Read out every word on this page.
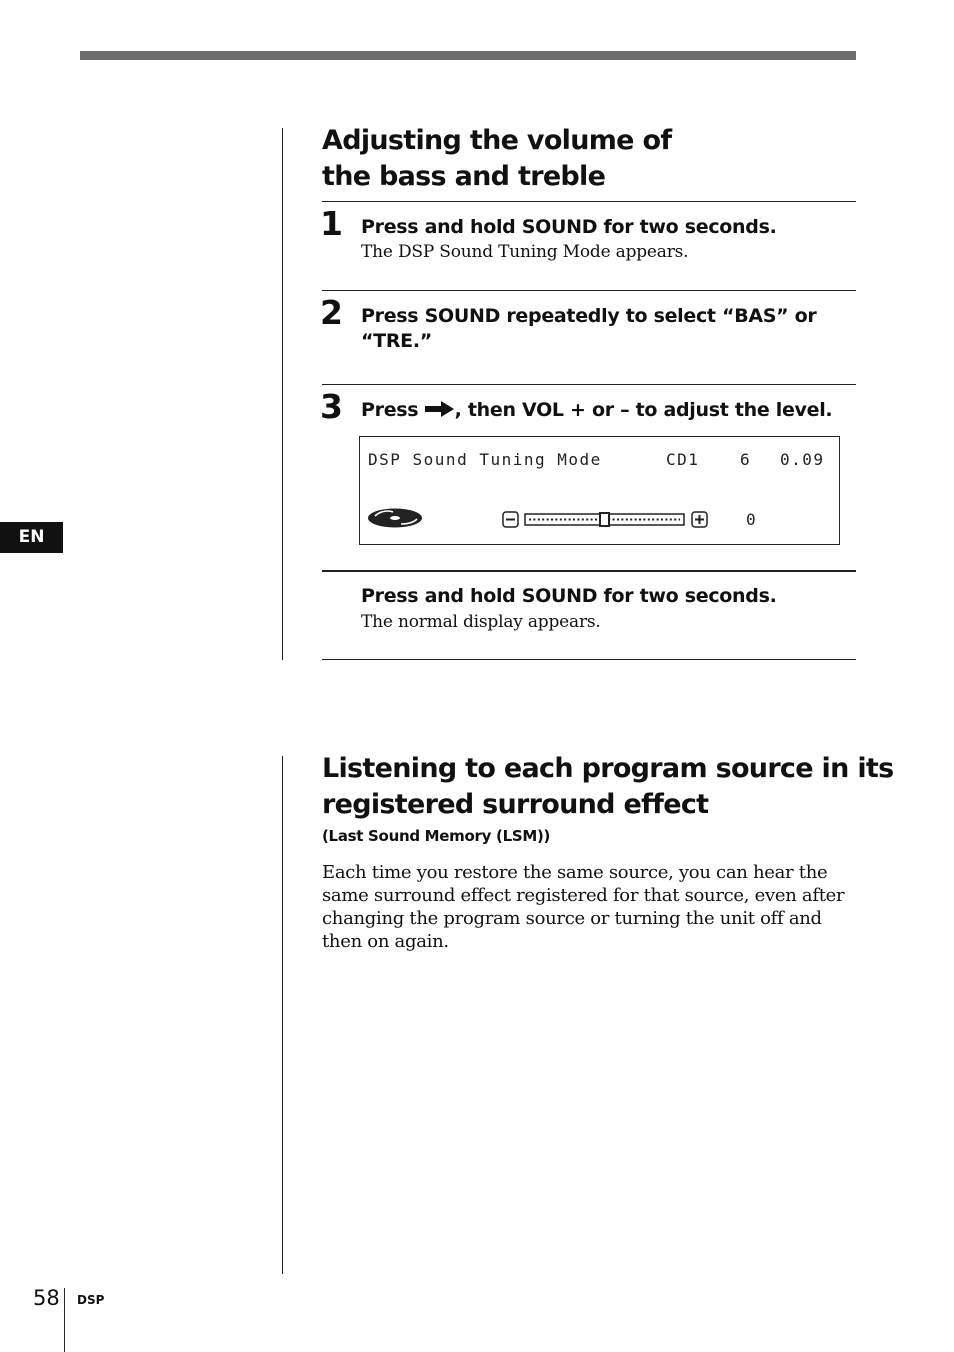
Adjusting the volume of
the bass and treble
1 Press and hold SOUND for two seconds.
The DSP Sound Tuning Mode appears.
2 Press SOUND repeatedly to select “BAS” or “TRE.”
3 Press , then VOL + or – to adjust the level.
DSP Sound Tuning Mode	CD1	6 0.09
0
Press and hold SOUND for two seconds.
The normal display appears.
EN
Listening to each program source in its
registered surround effect
(Last Sound Memory (LSM))

Each time you restore the same source, you can hear the same surround effect registered for that source, even after changing the program source or turning the unit off and then on again.

58 DSP
